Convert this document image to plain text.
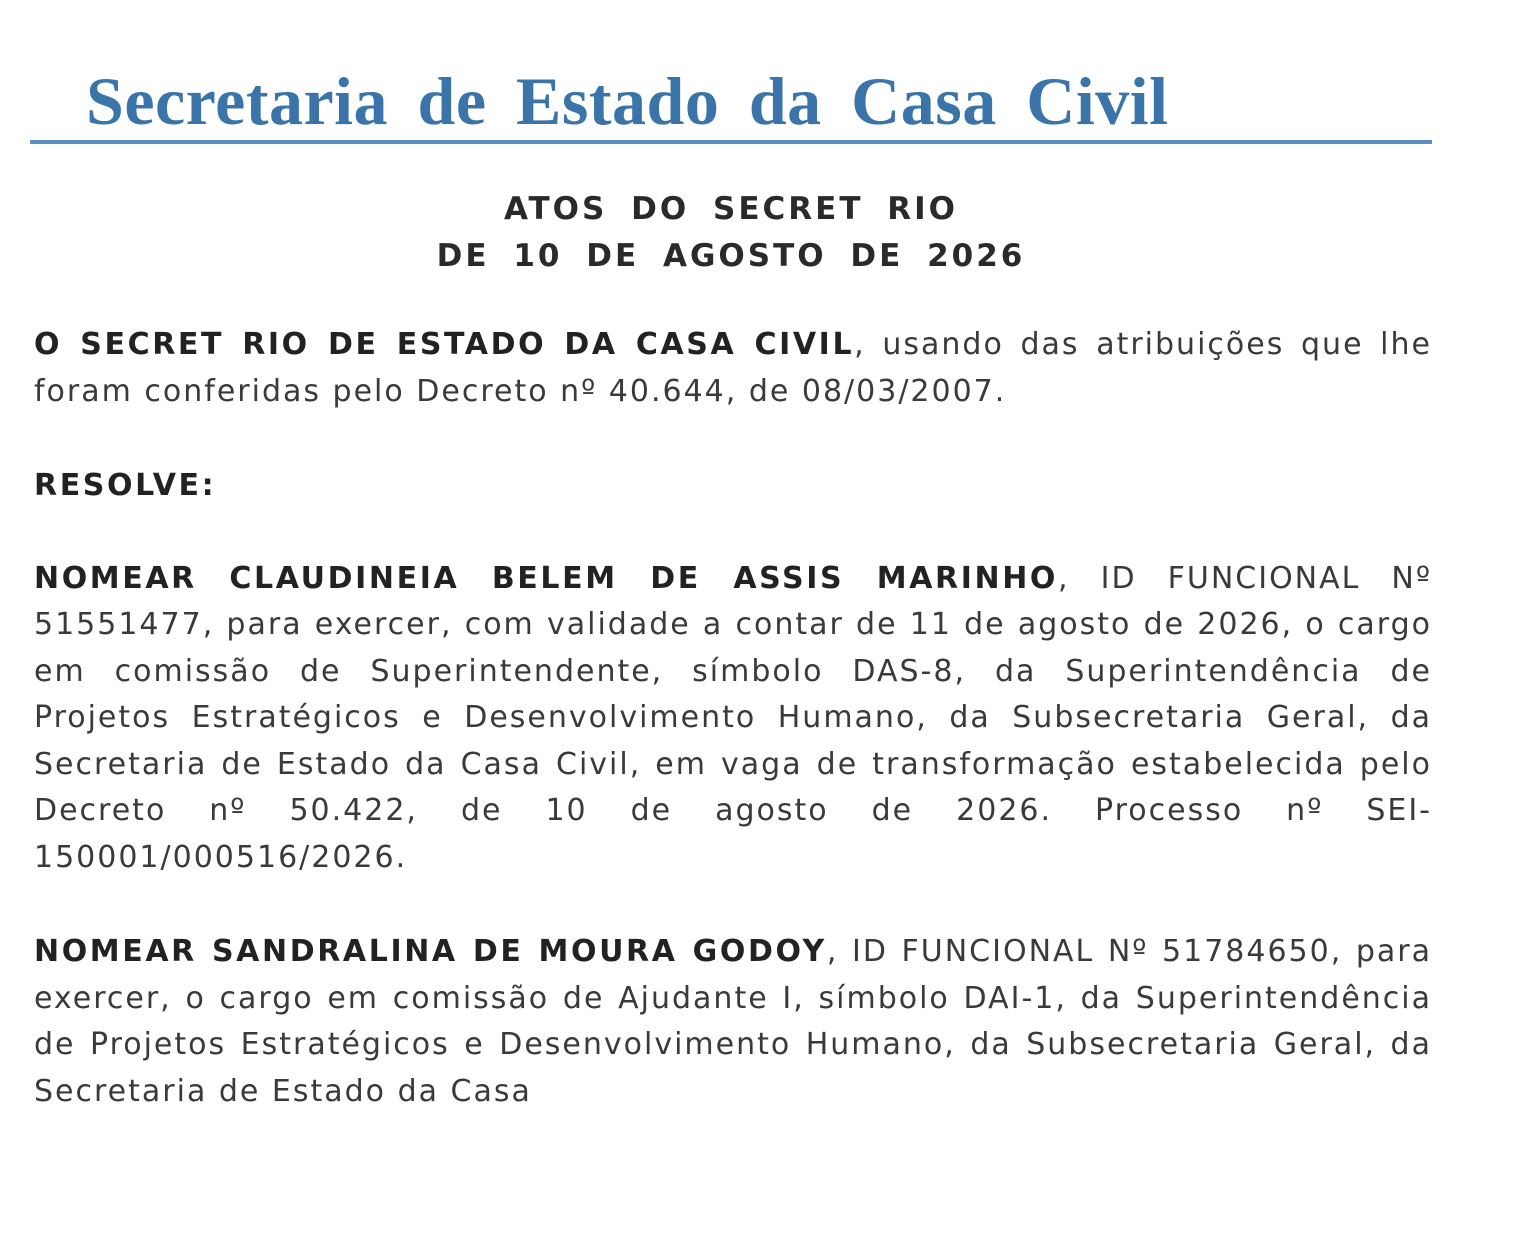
Secretaria de Estado da Casa Civil
ATOS DO SECRET RIO
DE 10 DE AGOSTO DE 2026

O SECRET RIO DE ESTADO DA CASA CIVIL, usando das atribuições que lhe foram conferidas pelo Decreto nº 40.644, de 08/03/2007.

RESOLVE:

NOMEAR CLAUDINEIA BELEM DE ASSIS MARINHO, ID FUNCIONAL Nº 51551477, para exercer, com validade a contar de 11 de agosto de 2026, o cargo em comissão de Superintendente, símbolo DAS-8, da Superintendência de Projetos Estratégicos e Desenvolvimento Humano, da Subsecretaria Geral, da Secretaria de Estado da Casa Civil, em vaga de transformação estabelecida pelo Decreto nº 50.422, de 10 de agosto de 2026. Processo nº SEI-150001/000516/2026.

NOMEAR SANDRALINA DE MOURA GODOY, ID FUNCIONAL Nº 51784650, para exercer, o cargo em comissão de Ajudante I, símbolo DAI-1, da Superintendência de Projetos Estratégicos e Desenvolvimento Humano, da Subsecretaria Geral, da Secretaria de Estado da Casa
